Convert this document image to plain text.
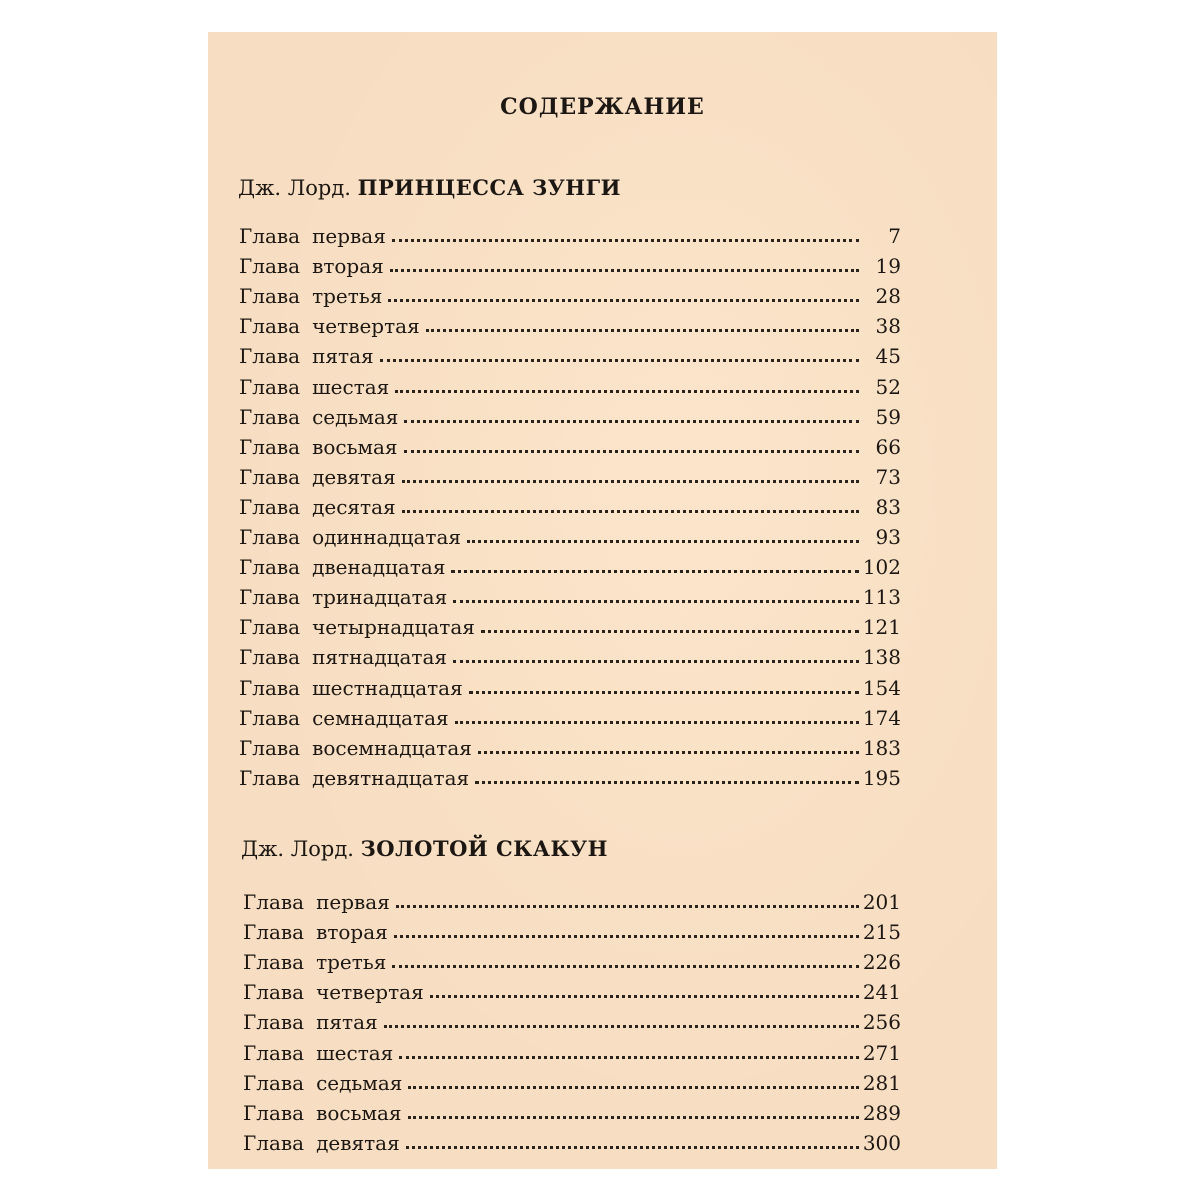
СОДЕРЖАНИЕ
Дж. Лорд. ПРИНЦЕССА ЗУНГИ
Глава первая	7
Глава вторая	19
Глава третья	28
Глава четвертая	38
Глава пятая	45
Глава шестая	52
Глава седьмая	59
Глава восьмая	66
Глава девятая	73
Глава десятая	83
Глава одиннадцатая	93
Глава двенадцатая	102
Глава тринадцатая	113
Глава четырнадцатая	121
Глава пятнадцатая	138
Глава шестнадцатая	154
Глава семнадцатая	174
Глава восемнадцатая	183
Глава девятнадцатая	195
Дж. Лорд. ЗОЛОТОЙ СКАКУН
Глава первая	201
Глава вторая	215
Глава третья	226
Глава четвертая	241
Глава пятая	256
Глава шестая	271
Глава седьмая	281
Глава восьмая	289
Глава девятая	300
